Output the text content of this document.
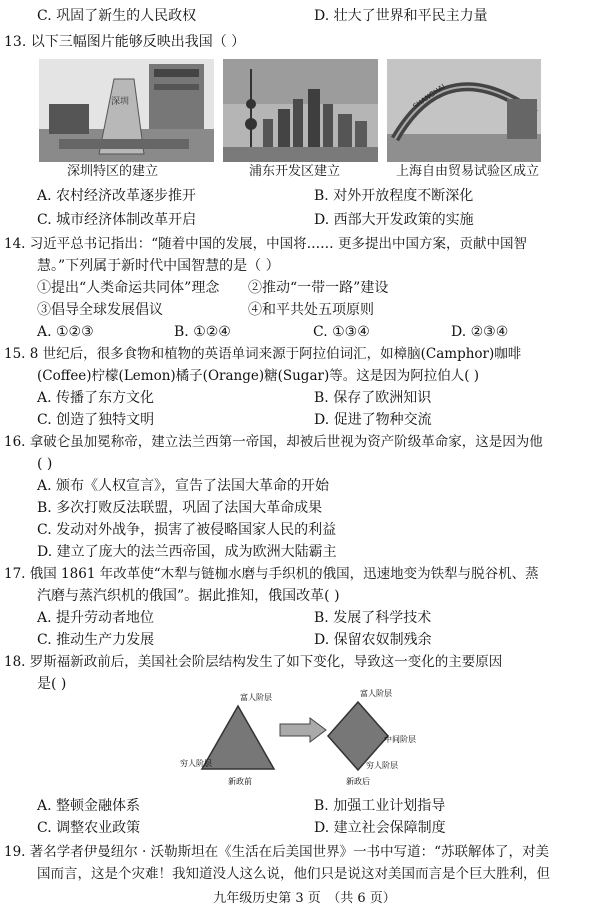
C. 巩固了新生的人民政权	D. 壮大了世界和平民主力量
13. 以下三幅图片能够反映出我国（ ）
深圳	SHANGHAI
深圳特区的建立	浦东开发区建立	上海自由贸易试验区成立
A. 农村经济改革逐步推开	B. 对外开放程度不断深化
C. 城市经济体制改革开启	D. 西部大开发政策的实施
14. 习近平总书记指出：“随着中国的发展，中国将…… 更多提出中国方案，贡献中国智
慧。”下列属于新时代中国智慧的是（ ）
①提出“人类命运共同体”理念 ②推动“一带一路”建设
③倡导全球发展倡议	④和平共处五项原则
A. ①②③	B. ①②④	C. ①③④	D. ②③④
15. 8 世纪后，很多食物和植物的英语单词来源于阿拉伯词汇，如樟脑(Camphor)咖啡
(Coffee)柠檬(Lemon)橘子(Orange)糖(Sugar)等。这是因为阿拉伯人( )
A. 传播了东方文化	B. 保存了欧洲知识
C. 创造了独特文明	D. 促进了物种交流
16. 拿破仑虽加冕称帝，建立法兰西第一帝国，却被后世视为资产阶级革命家，这是因为他
( )
A. 颁布《人权宣言》，宣告了法国大革命的开始
B. 多次打败反法联盟，巩固了法国大革命成果
C. 发动对外战争，损害了被侵略国家人民的利益
D. 建立了庞大的法兰西帝国，成为欧洲大陆霸主
17. 俄国 1861 年改革使“木犁与链枷水磨与手织机的俄国，迅速地变为铁犁与脱谷机、蒸
汽磨与蒸汽织机的俄国”。据此推知，俄国改革( )
A. 提升劳动者地位	B. 发展了科学技术
C. 推动生产力发展	D. 保留农奴制残余
18. 罗斯福新政前后，美国社会阶层结构发生了如下变化，导致这一变化的主要原因
是( )
富人阶层
穷人阶层
新政前
富人阶层
中间阶层
穷人阶层
新政后
A. 整顿金融体系	B. 加强工业计划指导
C. 调整农业政策	D. 建立社会保障制度
19. 著名学者伊曼纽尔 · 沃勒斯坦在《生活在后美国世界》一书中写道：“苏联解体了，对美
国而言，这是个灾难！我知道没人这么说，他们只是说这对美国而言是个巨大胜利，但
九年级历史第 3 页　（共 6 页）
